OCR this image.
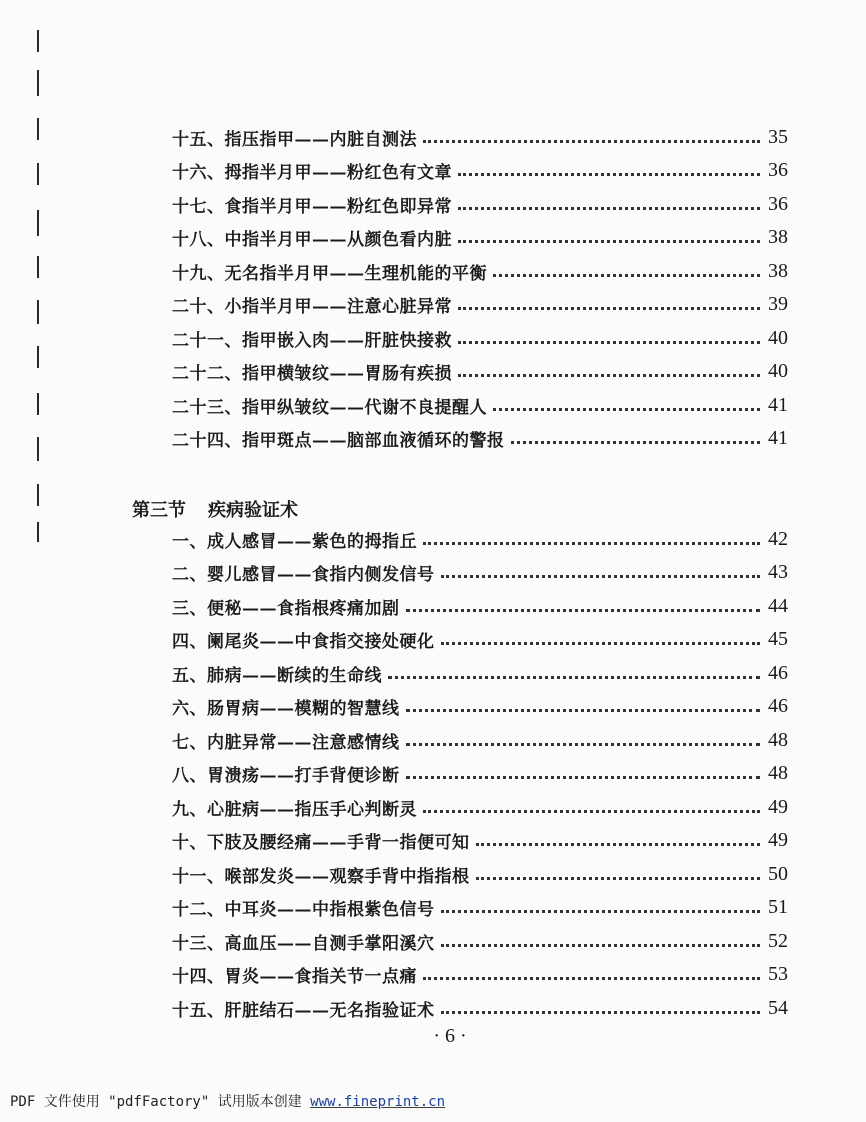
十五、指压指甲——内脏自测法	35
十六、拇指半月甲——粉红色有文章	36
十七、食指半月甲——粉红色即异常	36
十八、中指半月甲——从颜色看内脏	38
十九、无名指半月甲——生理机能的平衡	38
二十、小指半月甲——注意心脏异常	39
二十一、指甲嵌入肉——肝脏快接救	40
二十二、指甲横皱纹——胃肠有疾损	40
二十三、指甲纵皱纹——代谢不良提醒人	41
二十四、指甲斑点——脑部血液循环的警报	41
第三节 疾病验证术
一、成人感冒——紫色的拇指丘	42
二、婴儿感冒——食指内侧发信号	43
三、便秘——食指根疼痛加剧	44
四、阑尾炎——中食指交接处硬化	45
五、肺病——断续的生命线	46
六、肠胃病——模糊的智慧线	46
七、内脏异常——注意感情线	48
八、胃溃疡——打手背便诊断	48
九、心脏病——指压手心判断灵	49
十、下肢及腰经痛——手背一指便可知	49
十一、喉部发炎——观察手背中指指根	50
十二、中耳炎——中指根紫色信号	51
十三、高血压——自测手掌阳溪穴	52
十四、胃炎——食指关节一点痛	53
十五、肝脏结石——无名指验证术	54
· 6 ·
PDF 文件使用 "pdfFactory" 试用版本创建 www.fineprint.cn
